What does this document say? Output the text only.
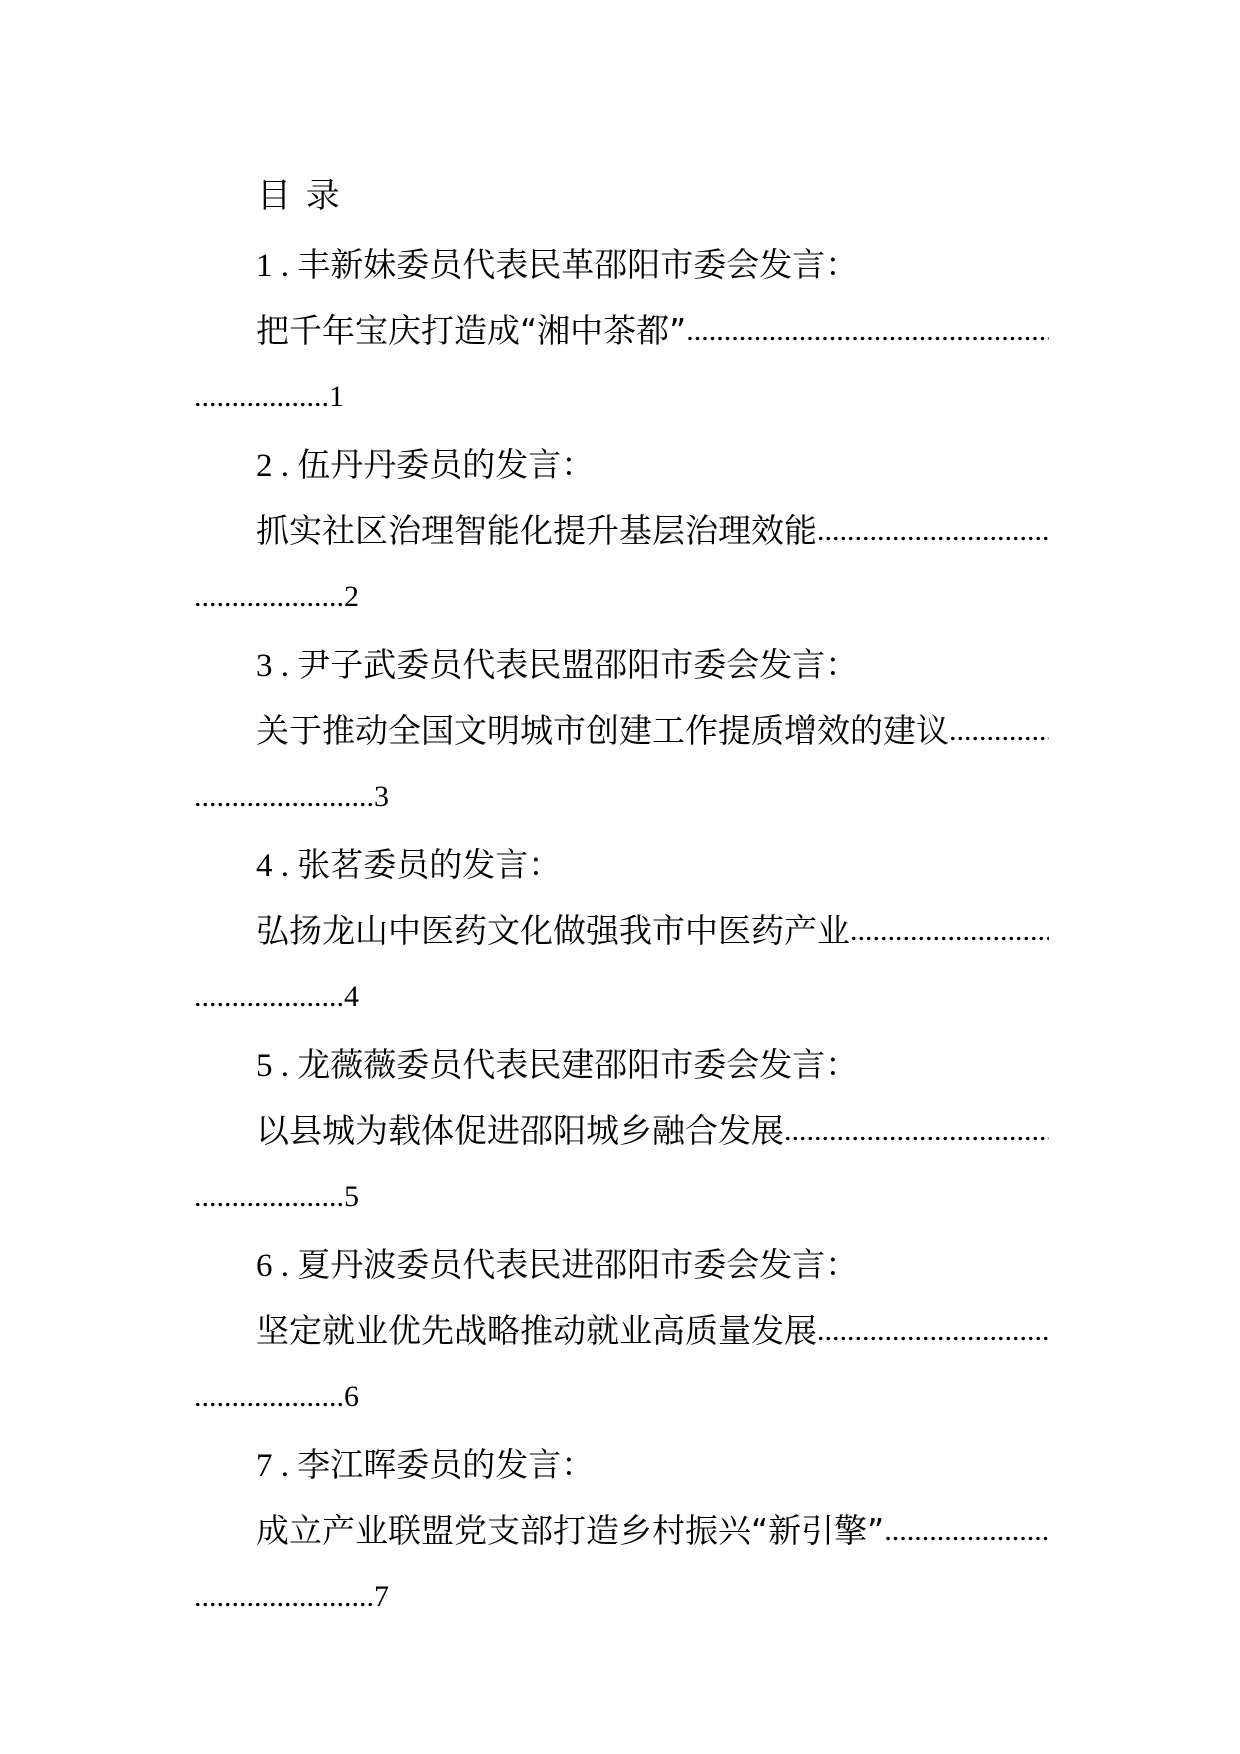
目 录
1 . 丰新妹委员代表民革邵阳市委会发言：
把千年宝庆打造成“湘中茶都”
.....
.................. 1
2 . 伍丹丹委员的发言：
抓实社区治理智能化提升基层治理效能
.....
.................... 2
3 . 尹子武委员代表民盟邵阳市委会发言：
关于推动全国文明城市创建工作提质增效的建议
.....
........................ 3
4 . 张茗委员的发言：
弘扬龙山中医药文化做强我市中医药产业
.....
.................... 4
5 . 龙薇薇委员代表民建邵阳市委会发言：
以县城为载体促进邵阳城乡融合发展
.....
.................... 5
6 . 夏丹波委员代表民进邵阳市委会发言：
坚定就业优先战略推动就业高质量发展
.....
.................... 6
7 . 李江晖委员的发言：
成立产业联盟党支部打造乡村振兴“新引擎”
.....
........................ 7
